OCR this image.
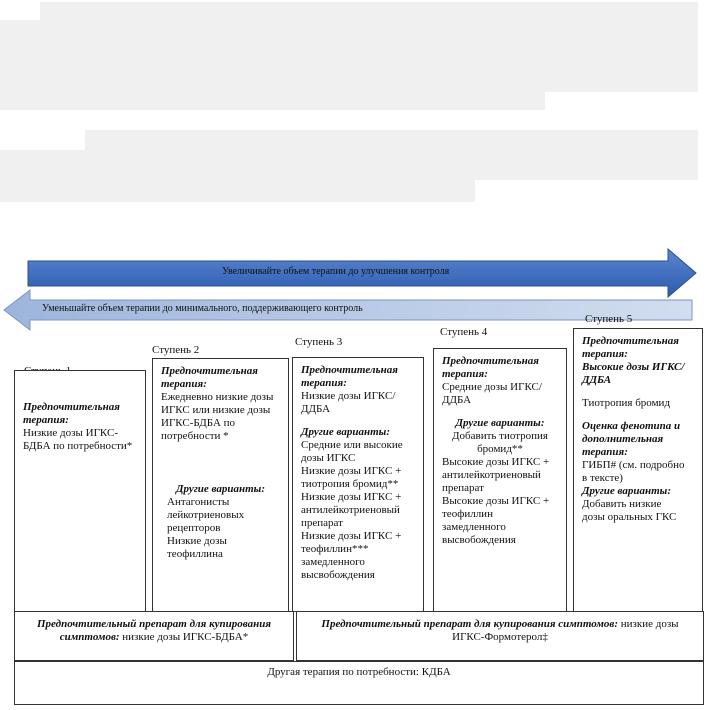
Увеличивайте объем терапии до улучшения контроля
Уменьшайте объем терапии до минимального, поддерживающего контроль
Ступень 2
Ступень 3
Ступень 4
Ступень 5

Предпочтительная терапия:

Низкие дозы ИГКС-БДБА по потребности*

Предпочтительная терапия:

Ежедневно низкие дозы ИГКС или низкие дозы ИГКС-БДБА по потребности *

Другие варианты:

Антагонисты

лейкотриеновых

рецепторов

Низкие дозы

теофиллина

Предпочтительная терапия:

Низкие дозы ИГКС/ДДБА

Другие варианты:

Средние или высокие

дозы ИГКС

Низкие дозы ИГКС +

тиотропия бромид**

Низкие дозы ИГКС +

антилейкотриеновый

препарат

Низкие дозы ИГКС +

теофиллин***

замедленного

высвобождения

Предпочтительная терапия:

Средние дозы ИГКС/ДДБА

Другие варианты:

Добавить тиотропия

бромид**

Высокие дозы ИГКС +

антилейкотриеновый

препарат

Высокие дозы ИГКС +

теофиллин

замедленного

высвобождения

Предпочтительная терапия:

Высокие дозы ИГКС/ДДБА

Тиотропия бромид

Оценка фенотипа и дополнительная терапия:

ГИБП# (см. подробно

в тексте)

Другие варианты:

Добавить низкие

дозы оральных ГКС

Предпочтительный препарат для купирования симптомов: низкие дозы ИГКС-БДБА*
Предпочтительный препарат для купирования симптомов: низкие дозы ИГКС-Формотерол‡
Другая терапия по потребности: КДБА
